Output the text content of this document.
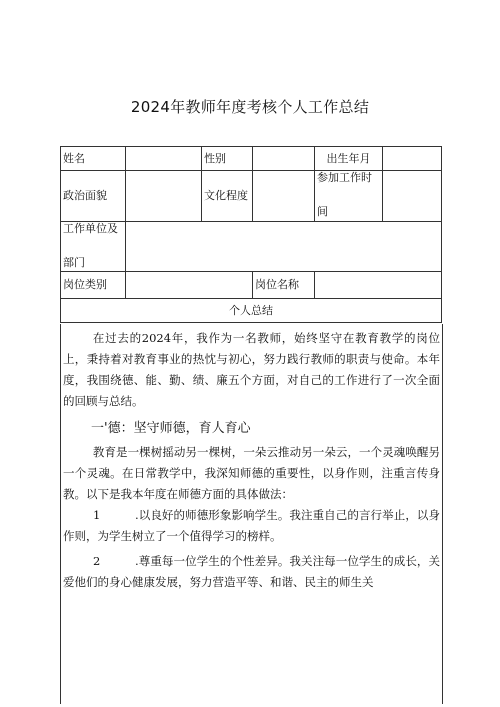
2024年教师年度考核个人工作总结
姓名		性别		出生年月	
政治面貌		文化程度		参加工作时
间	

工作单位及
部门					

岗位类别			岗位名称		
个人总结					

在过去的2024年，我作为一名教师，始终坚守在教育教学的岗位上，秉持着对教育事业的热忱与初心，努力践行教师的职责与使命。本年度，我围绕德、能、勤、绩、廉五个方面，对自己的工作进行了一次全面的回顾与总结。

一'德：坚守师德，育人育心

教育是一棵树摇动另一棵树，一朵云推动另一朵云，一个灵魂唤醒另一个灵魂。在日常教学中，我深知师德的重要性，以身作则，注重言传身教。以下是我本年度在师德方面的具体做法：

1	.以良好的师德形象影响学生。我注重自己的言行举止，以身作则，为学生树立了一个值得学习的榜样。

2	.尊重每一位学生的个性差异。我关注每一位学生的成长，关爱他们的身心健康发展，努力营造平等、和谐、民主的师生关
